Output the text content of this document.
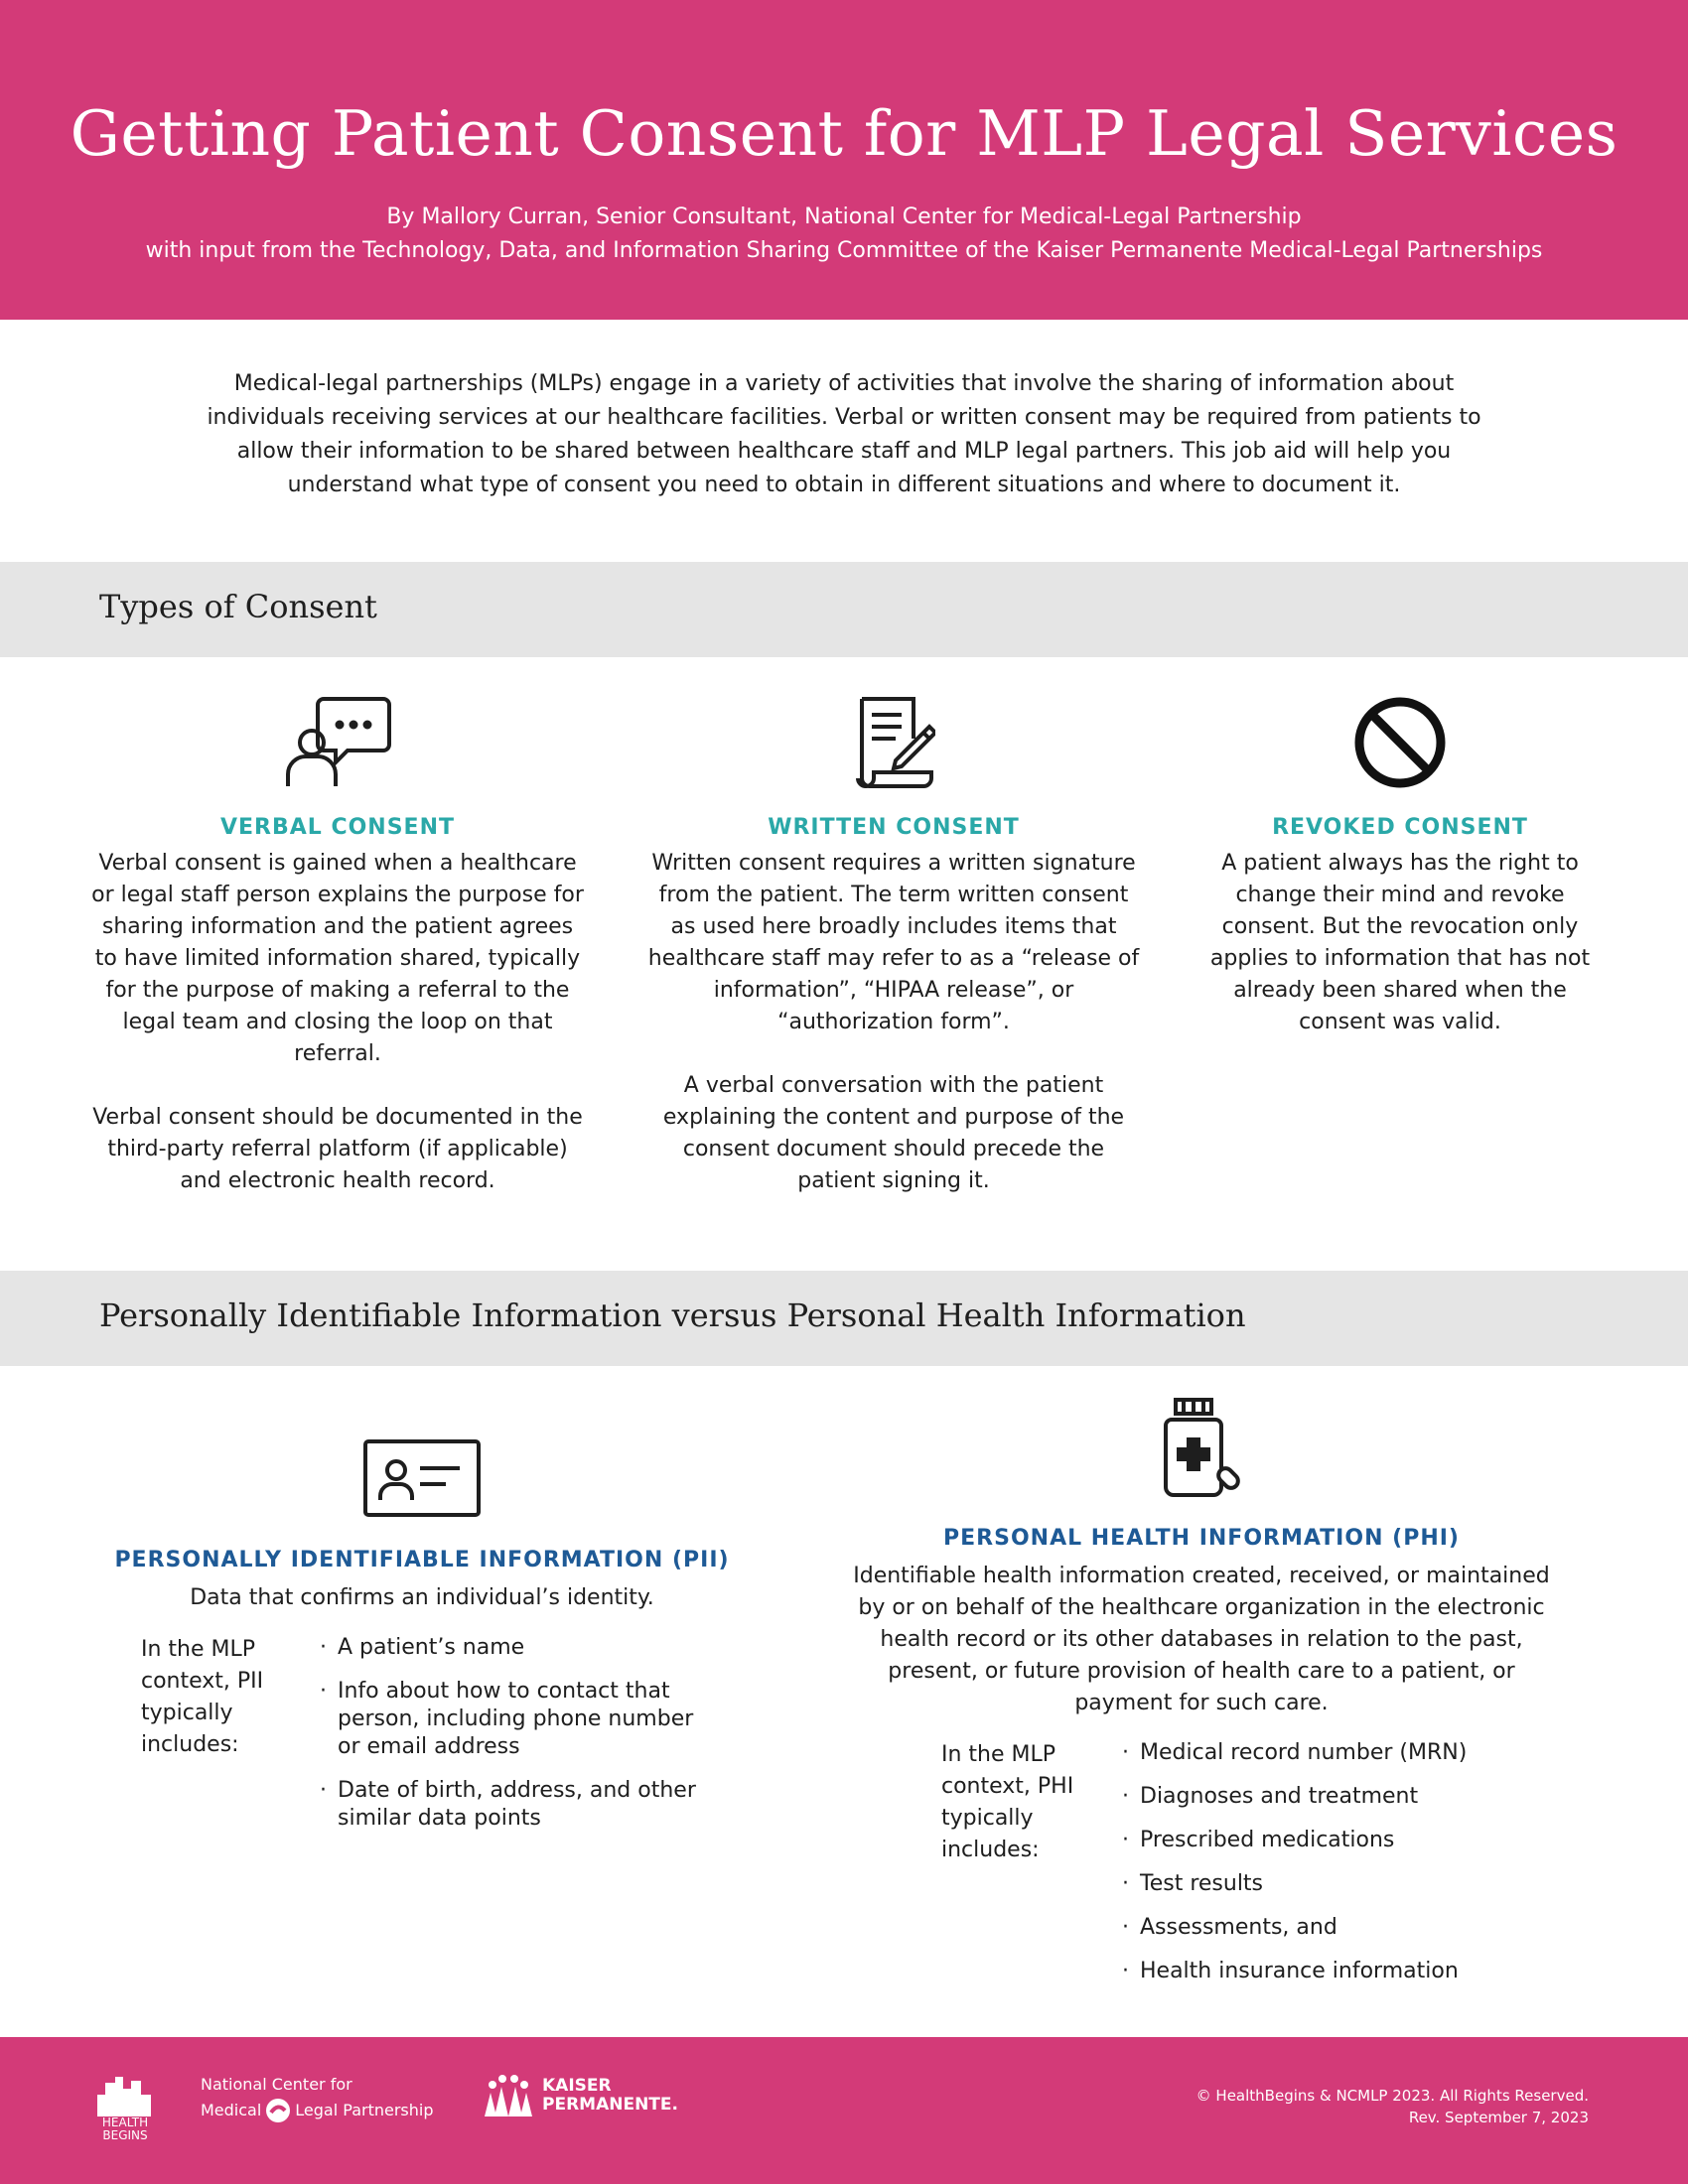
Getting Patient Consent for MLP Legal Services
By Mallory Curran, Senior Consultant, National Center for Medical-Legal Partnership
with input from the Technology, Data, and Information Sharing Committee of the Kaiser Permanente Medical-Legal Partnerships

Medical-legal partnerships (MLPs) engage in a variety of activities that involve the sharing of information about individuals receiving services at our healthcare facilities. Verbal or written consent may be required from patients to allow their information to be shared between healthcare staff and MLP legal partners. This job aid will help you understand what type of consent you need to obtain in different situations and where to document it.

Types of Consent
VERBAL CONSENT

Verbal consent is gained when a healthcare or legal staff person explains the purpose for sharing information and the patient agrees to have limited information shared, typically for the purpose of making a referral to the legal team and closing the loop on that referral.

Verbal consent should be documented in the third-party referral platform (if applicable) and electronic health record.

WRITTEN CONSENT

Written consent requires a written signature from the patient. The term written consent as used here broadly includes items that healthcare staff may refer to as a “release of information”, “HIPAA release”, or “authorization form”.

A verbal conversation with the patient explaining the content and purpose of the consent document should precede the patient signing it.

REVOKED CONSENT

A patient always has the right to change their mind and revoke consent. But the revocation only applies to information that has not already been shared when the consent was valid.

Personally Identifiable Information versus Personal Health Information
PERSONALLY IDENTIFIABLE INFORMATION (PII)
Data that confirms an individual’s identity.
In the MLP context, PII typically includes:
· A patient’s name
· Info about how to contact that person, including phone number or email address
· Date of birth, address, and other similar data points
PERSONAL HEALTH INFORMATION (PHI)
Identifiable health information created, received, or maintained by or on behalf of the healthcare organization in the electronic health record or its other databases in relation to the past, present, or future provision of health care to a patient, or payment for such care.
In the MLP context, PHI typically includes:
· Medical record number (MRN)
· Diagnoses and treatment
· Prescribed medications
· Test results
· Assessments, and
· Health insurance information
HEALTH BEGINS
National Center for
Medical Legal Partnership
KAISER
PERMANENTE.	© HealthBegins & NCMLP 2023. All Rights Reserved.
Rev. September 7, 2023
